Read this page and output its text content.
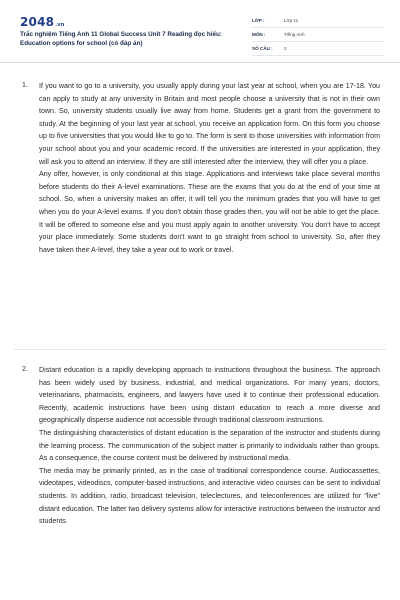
2048.vn
Trắc nghiệm Tiếng Anh 11 Global Success Unit 7 Reading đọc hiểu: Education options for school (có đáp án)
LỚP :	Lớp 11
MÔN :	Tiếng Anh
SỐ CÂU :	2
1. If you want to go to a university, you usually apply during your last year at school, when you are 17-18. You can apply to study at any university in Britain and most people choose a university that is not in their own town. So, university students usually live away from home. Students get a grant from the government to study. At the beginning of your last year at school, you receive an application form. On this form you choose up to five universities that you would like to go to. The form is sent to those universities with information from your school about you and your academic record. If the universities are interested in your application, they will ask you to attend an interview. If they are still interested after the interview, they will offer you a place.

Any offer, however, is only conditional at this stage. Applications and interviews take place several months before students do their A-level examinations. These are the exams that you do at the end of your time at school. So, when a university makes an offer, it will tell you the minimum grades that you will have to get when you do your A-level exams. If you don't obtain those grades then, you will not be able to get the place. It will be offered to someone else and you must apply again to another university. You don't have to accept your place immediately. Some students don't want to go straight from school to university. So, after they have taken their A-level, they take a year out to work or travel.

2. Distant education is a rapidly developing approach to instructions throughout the business. The approach has been widely used by business, industrial, and medical organizations. For many years, doctors, veterinarians, pharmacists, engineers, and lawyers have used it to continue their professional education. Recently, academic instructions have been using distant education to reach a more diverse and geographically disperse audience not accessible through traditional classroom instructions.

The distinguishing characteristics of distant education is the separation of the instructor and students during the learning process. The communication of the subject matter is primarily to individuals rather than groups. As a consequence, the course content must be delivered by instructional media.

The media may be primarily printed, as in the case of traditional correspondence course. Audiocassettes, videotapes, videodiscs, computer-based instructions, and interactive video courses can be sent to individual students. In addition, radio, broadcast television, teleclectures, and teleconferences are utilized for "live" distant education. The latter two delivery systems allow for interactive instructions between the instructor and students.
